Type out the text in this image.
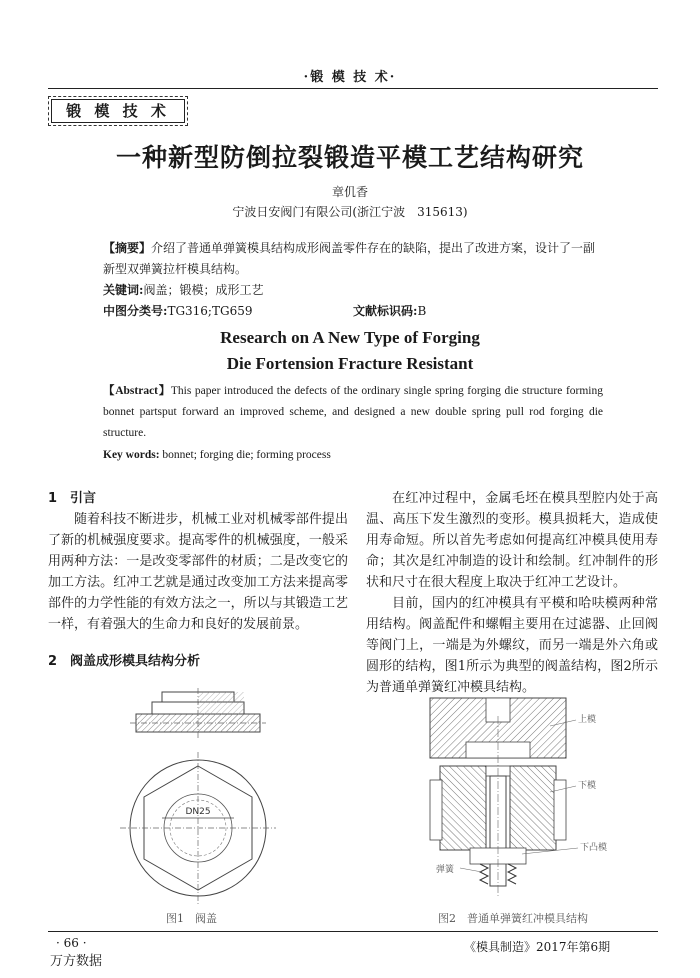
·锻 模 技 术·
锻 模 技 术
一种新型防倒拉裂锻造平模工艺结构研究
章仉香
宁波日安阀门有限公司(浙江宁波　315613)
【摘要】介绍了普通单弹簧模具结构成形阀盖零件存在的缺陷，提出了改进方案，设计了一副新型双弹簧拉杆模具结构。
关键词:阀盖；锻模；成形工艺
中图分类号:TG316;TG659	文献标识码:B
Research on A New Type of Forging
Die Fortension Fracture Resistant
【Abstract】This paper introduced the defects of the ordinary single spring forging die structure forming bonnet partsput forward an improved scheme, and designed a new double spring pull rod forging die structure.
Key words: bonnet; forging die; forming process
1　引言

随着科技不断进步，机械工业对机械零部件提出了新的机械强度要求。提高零件的机械强度，一般采用两种方法：一是改变零部件的材质；二是改变它的加工方法。红冲工艺就是通过改变加工方法来提高零部件的力学性能的有效方法之一，所以与其锻造工艺一样，有着强大的生命力和良好的发展前景。

2　阀盖成形模具结构分析

在红冲过程中，金属毛坯在模具型腔内处于高温、高压下发生激烈的变形。模具损耗大，造成使用寿命短。所以首先考虑如何提高红冲模具使用寿命；其次是红冲制造的设计和绘制。红冲制件的形状和尺寸在很大程度上取决于红冲工艺设计。

目前，国内的红冲模具有平模和哈呋模两种常用结构。阀盖配件和螺帽主要用在过滤器、止回阀等阀门上，一端是为外螺纹，而另一端是外六角或圆形的结构，图1所示为典型的阀盖结构，图2所示为普通单弹簧红冲模具结构。

DN25
图1　阀盖
上模
下模
下凸模
弹簧
图2　普通单弹簧红冲模具结构
· 66 ·
万方数据
《模具制造》2017年第6期
